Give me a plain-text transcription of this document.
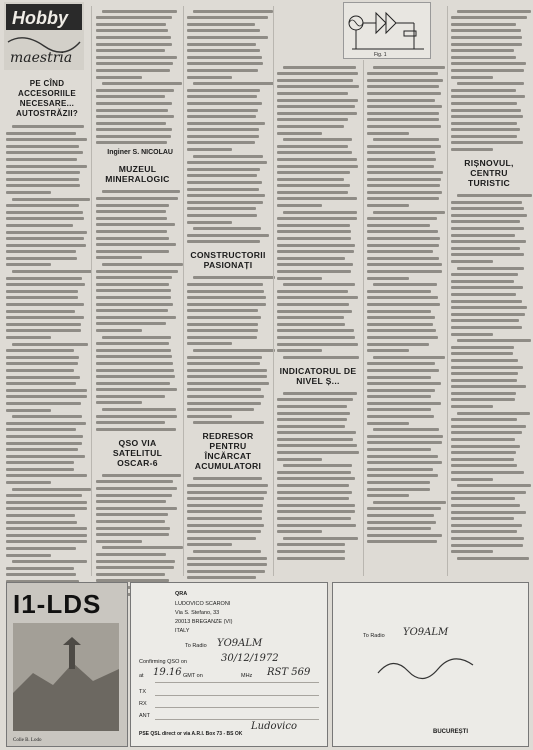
Hobby
maestria
PE CÎND ACCESORIILE NECESARE... AUTOSTRĂZII?
Inginer S. NICOLAU
MUZEUL MINERALOGIC
QSO VIA SATELITUL OSCAR-6
CONSTRUCTORII PASIONAȚI
REDRESOR PENTRU ÎNCĂRCAT ACUMULATORI
INDICATORUL DE NIVEL Ș...
Fig. 1
RIȘNOVUL, CENTRU TURISTIC
I1-LDS
Colle B. Lodo
QRA
LUDOVICO SCARONI
Via S. Stefano, 33
20013 BREGANZE (VI)
ITALY
To Radio YO9ALM
Confirming QSO on	30/12/1972
at 19.16 GMT on	MHz RST 569
TX
RX
ANT
PSE QSL direct or via A.R.I. Box 73 - BS OK
Ludovico
To Radio YO9ALM
BUCUREȘTI
